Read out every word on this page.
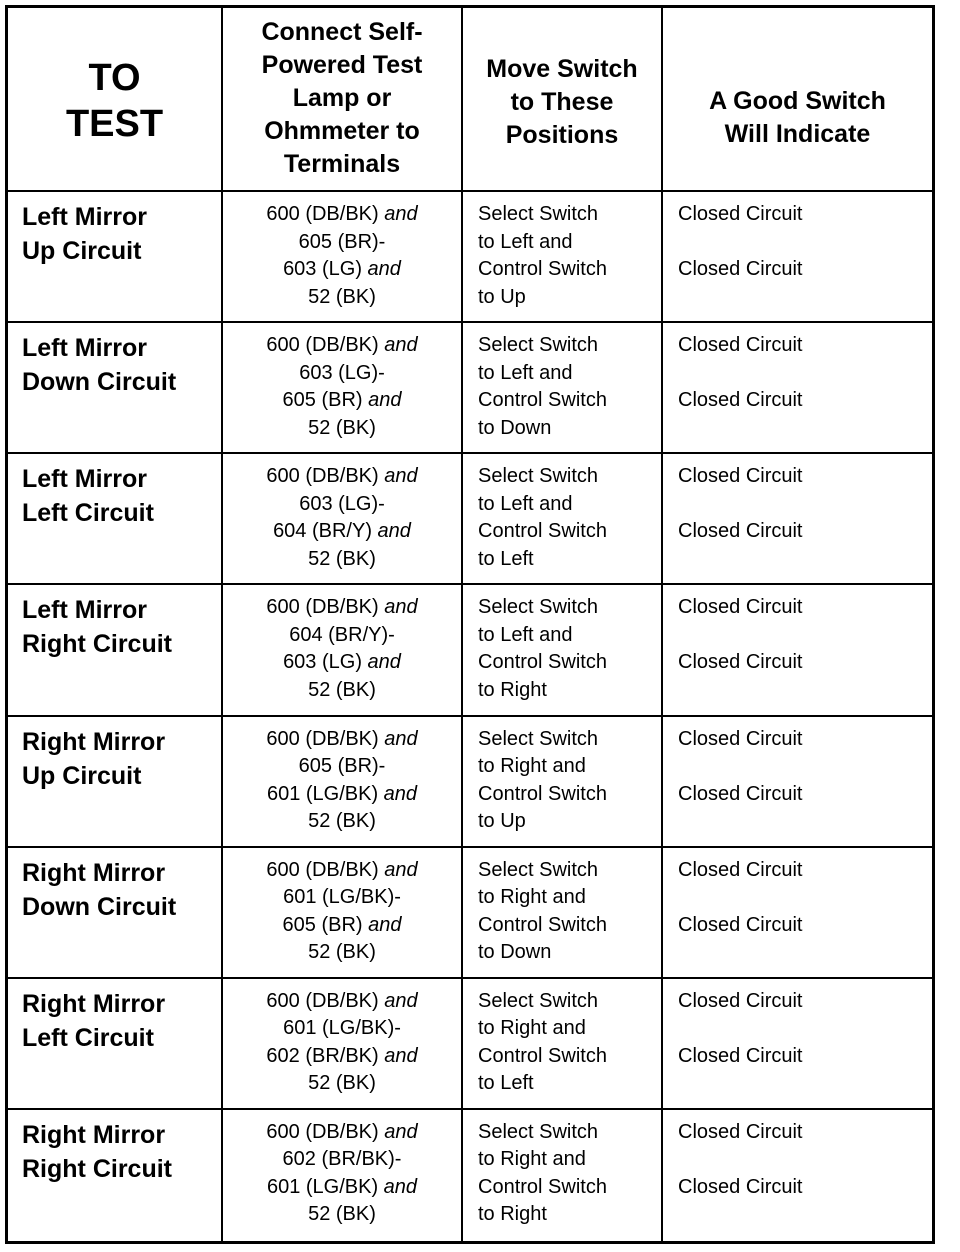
TO
TEST
Connect Self-
Powered Test
Lamp or
Ohmmeter to
Terminals
Move Switch
to These
Positions
A Good Switch
Will Indicate
Left Mirror
Up Circuit
600 (DB/BK) and
605 (BR)-
603 (LG) and
52 (BK)
Select Switch
to Left and
Control Switch
to Up
Closed Circuit
Closed Circuit
Left Mirror
Down Circuit
600 (DB/BK) and
603 (LG)-
605 (BR) and
52 (BK)
Select Switch
to Left and
Control Switch
to Down
Closed Circuit
Closed Circuit
Left Mirror
Left Circuit
600 (DB/BK) and
603 (LG)-
604 (BR/Y) and
52 (BK)
Select Switch
to Left and
Control Switch
to Left
Closed Circuit
Closed Circuit
Left Mirror
Right Circuit
600 (DB/BK) and
604 (BR/Y)-
603 (LG) and
52 (BK)
Select Switch
to Left and
Control Switch
to Right
Closed Circuit
Closed Circuit
Right Mirror
Up Circuit
600 (DB/BK) and
605 (BR)-
601 (LG/BK) and
52 (BK)
Select Switch
to Right and
Control Switch
to Up
Closed Circuit
Closed Circuit
Right Mirror
Down Circuit
600 (DB/BK) and
601 (LG/BK)-
605 (BR) and
52 (BK)
Select Switch
to Right and
Control Switch
to Down
Closed Circuit
Closed Circuit
Right Mirror
Left Circuit
600 (DB/BK) and
601 (LG/BK)-
602 (BR/BK) and
52 (BK)
Select Switch
to Right and
Control Switch
to Left
Closed Circuit
Closed Circuit
Right Mirror
Right Circuit
600 (DB/BK) and
602 (BR/BK)-
601 (LG/BK) and
52 (BK)
Select Switch
to Right and
Control Switch
to Right
Closed Circuit
Closed Circuit
